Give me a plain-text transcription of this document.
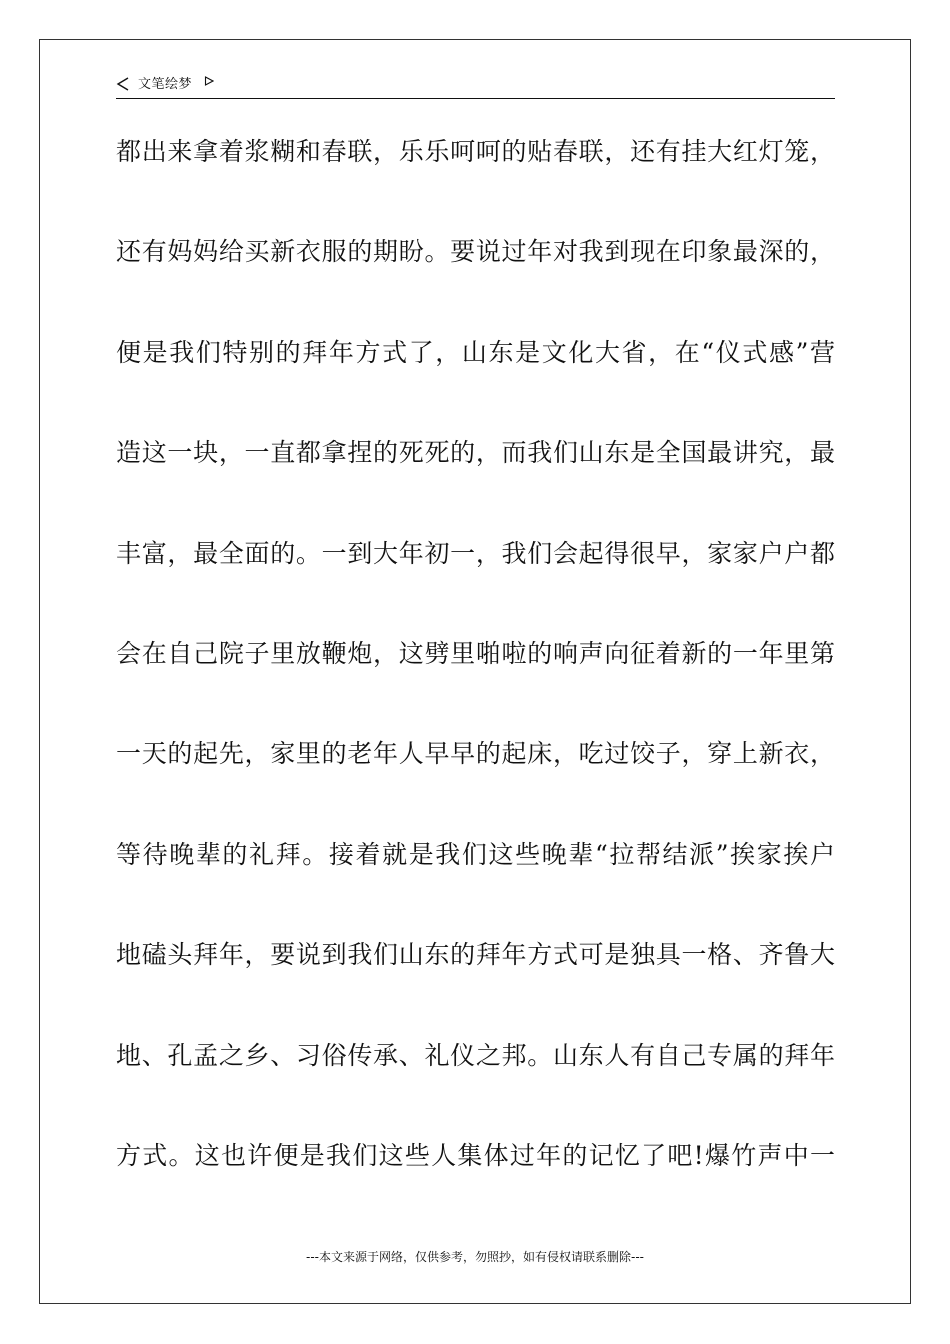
文笔绘梦
都出来拿着浆糊和春联，乐乐呵呵的贴春联，还有挂大红灯笼，
还有妈妈给买新衣服的期盼。要说过年对我到现在印象最深的，
便是我们特别的拜年方式了，山东是文化大省，在“仪式感”营
造这一块，一直都拿捏的死死的，而我们山东是全国最讲究，最
丰富，最全面的。一到大年初一，我们会起得很早，家家户户都
会在自己院子里放鞭炮，这劈里啪啦的响声向征着新的一年里第
一天的起先，家里的老年人早早的起床，吃过饺子，穿上新衣，
等待晚辈的礼拜。接着就是我们这些晚辈“拉帮结派”挨家挨户
地磕头拜年，要说到我们山东的拜年方式可是独具一格、齐鲁大
地、孔孟之乡、习俗传承、礼仪之邦。山东人有自己专属的拜年
方式。这也许便是我们这些人集体过年的记忆了吧!爆竹声中一
---本文来源于网络，仅供参考，勿照抄，如有侵权请联系删除---
